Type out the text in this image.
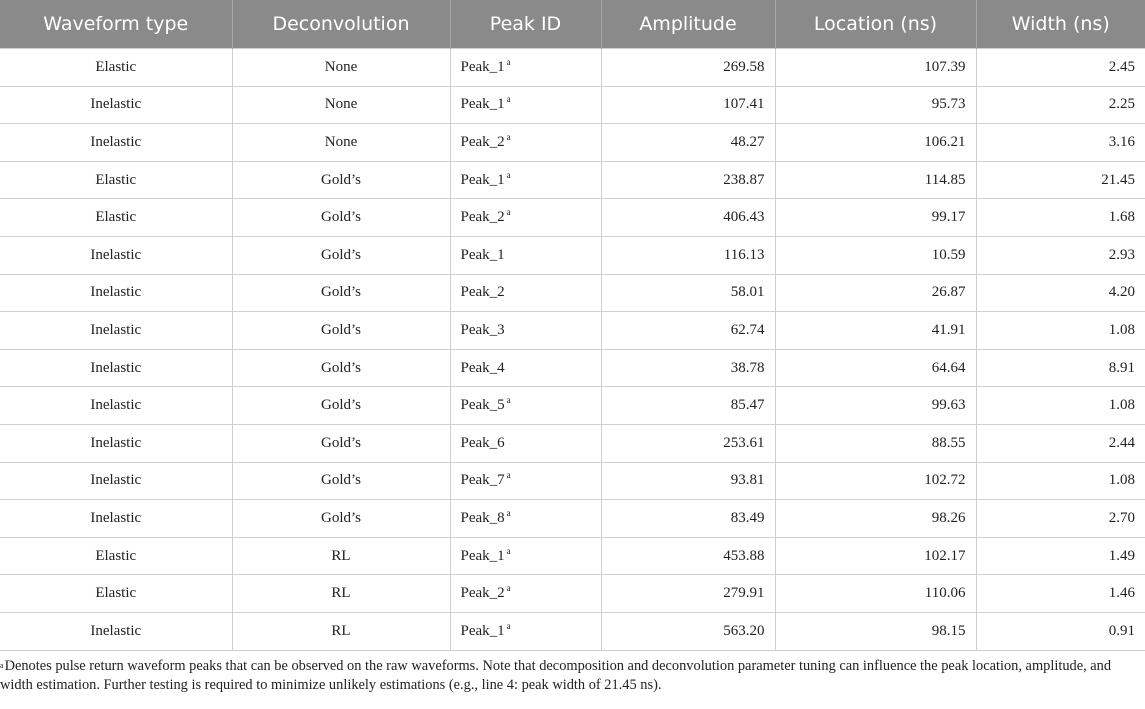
Waveform type	Deconvolution	Peak ID	Amplitude	Location (ns)	Width (ns)
Elastic	None	Peak_1 $^a$	269.58	107.39	2.45
Inelastic	None	Peak_1 $^a$	107.41	95.73	2.25
Inelastic	None	Peak_2 $^a$	48.27	106.21	3.16
Elastic	Gold’s	Peak_1 $^a$	238.87	114.85	21.45
Elastic	Gold’s	Peak_2 $^a$	406.43	99.17	1.68
Inelastic	Gold’s	Peak_1	116.13	10.59	2.93
Inelastic	Gold’s	Peak_2	58.01	26.87	4.20
Inelastic	Gold’s	Peak_3	62.74	41.91	1.08
Inelastic	Gold’s	Peak_4	38.78	64.64	8.91
Inelastic	Gold’s	Peak_5 $^a$	85.47	99.63	1.08
Inelastic	Gold’s	Peak_6	253.61	88.55	2.44
Inelastic	Gold’s	Peak_7 $^a$	93.81	102.72	1.08
Inelastic	Gold’s	Peak_8 $^a$	83.49	98.26	2.70
Elastic	RL	Peak_1 $^a$	453.88	102.17	1.49
Elastic	RL	Peak_2 $^a$	279.91	110.06	1.46
Inelastic	RL	Peak_1 $^a$	563.20	98.15	0.91

$^a$Denotes pulse return waveform peaks that can be observed on the raw waveforms. Note that decomposition and deconvolution parameter tuning can influence the peak location, amplitude, and width estimation. Further testing is required to minimize unlikely estimations (e.g., line 4: peak width of 21.45 ns).
